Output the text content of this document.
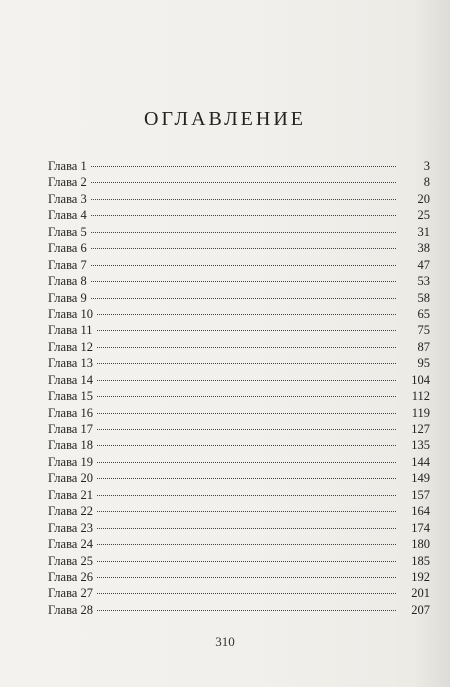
ОГЛАВЛЕНИЕ
Глава 1	3
Глава 2	8
Глава 3	20
Глава 4	25
Глава 5	31
Глава 6	38
Глава 7	47
Глава 8	53
Глава 9	58
Глава 10	65
Глава 11	75
Глава 12	87
Глава 13	95
Глава 14	104
Глава 15	112
Глава 16	119
Глава 17	127
Глава 18	135
Глава 19	144
Глава 20	149
Глава 21	157
Глава 22	164
Глава 23	174
Глава 24	180
Глава 25	185
Глава 26	192
Глава 27	201
Глава 28	207
310
